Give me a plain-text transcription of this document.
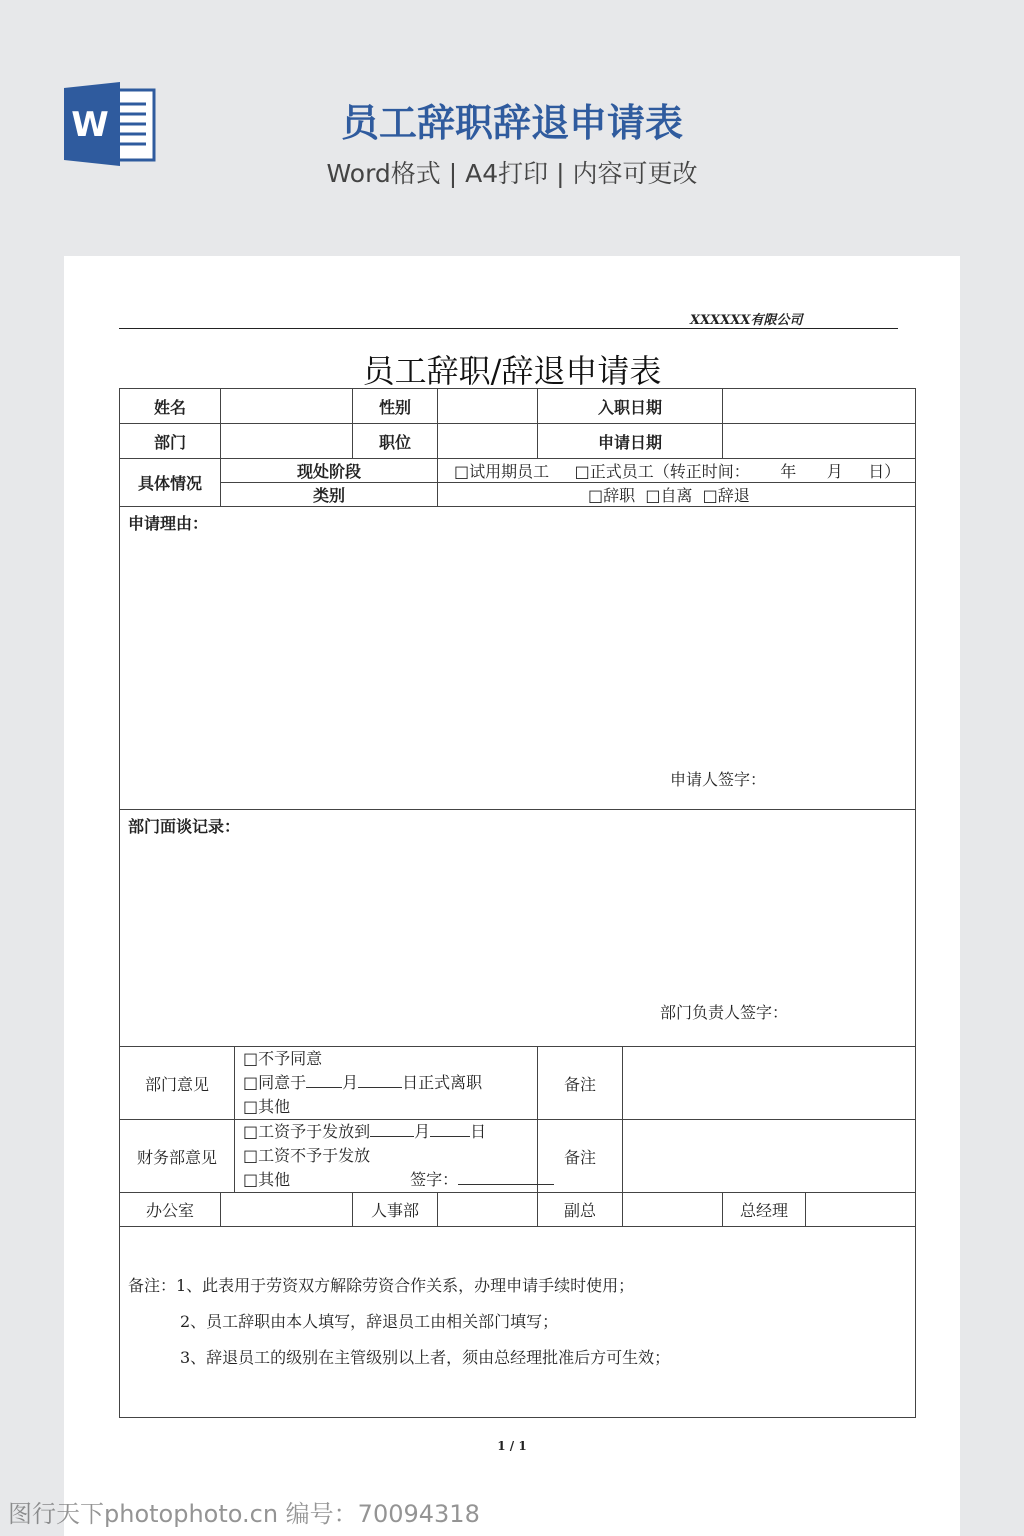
W	员工辞职辞退申请表
Word格式 | A4打印 | 内容可更改
XXXXXX有限公司
员工辞职/辞退申请表
姓名			性别		入职日期			
部门			职位		申请日期			
具体情况	现处阶段			□试用期员工 □正式员工（转正时间： 年 月 日）				
	类别			□辞职 □自离 □辞退				

申请理由：
申请人签字：								

部门面谈记录：
部门负责人签字：								

部门意见		□不予同意
□同意于 月 日正式离职
□其他			备注			
财务部意见		□工资予于发放到 月 日
□工资不予于发放
□其他 签字：			备注			
办公室			人事部		副总		总经理	

备注：1、此表用于劳资双方解除劳资合作关系，办理申请手续时使用；

2、员工辞职由本人填写，辞退员工由相关部门填写；

3、辞退员工的级别在主管级别以上者，须由总经理批准后方可生效；								

1 / 1
图行天下photophoto.cn 编号：70094318
